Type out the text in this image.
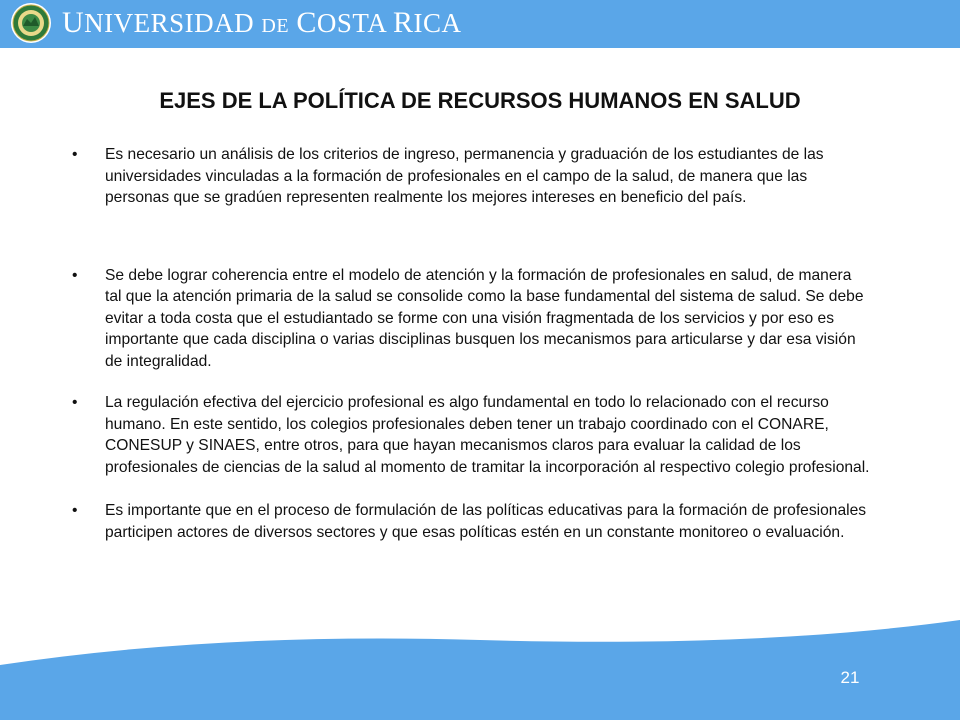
UNIVERSIDAD DE COSTA RICA
EJES DE LA POLÍTICA DE RECURSOS HUMANOS EN SALUD
• Es necesario un análisis de los criterios de ingreso, permanencia y graduación de los estudiantes de las universidades vinculadas a la formación de profesionales en el campo de la salud, de manera que las personas que se gradúen representen realmente los mejores intereses en beneficio del país.
• Se debe lograr coherencia entre el modelo de atención y la formación de profesionales en salud, de manera tal que la atención primaria de la salud se consolide como la base fundamental del sistema de salud. Se debe evitar a toda costa que el estudiantado se forme con una visión fragmentada de los servicios y por eso es importante que cada disciplina o varias disciplinas busquen los mecanismos para articularse y dar esa visión de integralidad.
• La regulación efectiva del ejercicio profesional es algo fundamental en todo lo relacionado con el recurso humano. En este sentido, los colegios profesionales deben tener un trabajo coordinado con el CONARE, CONESUP y SINAES, entre otros, para que hayan mecanismos claros para evaluar la calidad de los profesionales de ciencias de la salud al momento de tramitar la incorporación al respectivo colegio profesional.
• Es importante que en el proceso de formulación de las políticas educativas para la formación de profesionales participen actores de diversos sectores y que esas políticas estén en un constante monitoreo o evaluación.
21
